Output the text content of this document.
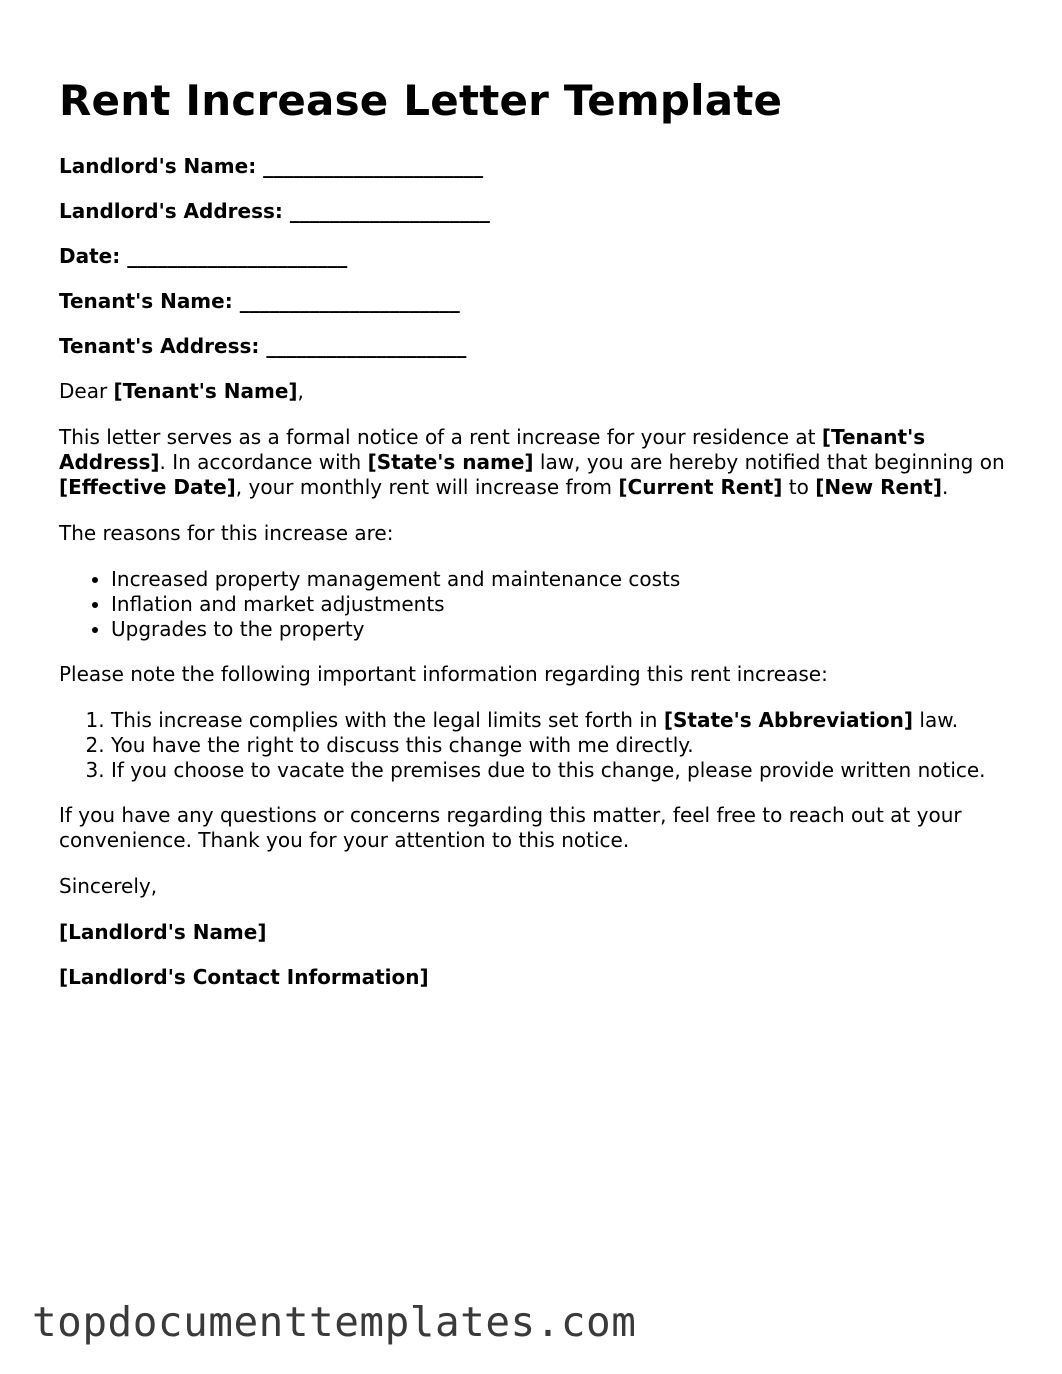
Rent Increase Letter Template
Landlord's Name: ______________________
Landlord's Address: ____________________
Date: ______________________
Tenant's Name: ______________________
Tenant's Address: ____________________

Dear [Tenant's Name],

This letter serves as a formal notice of a rent increase for your residence at [Tenant's Address]. In accordance with [State's name] law, you are hereby notified that beginning on [Effective Date], your monthly rent will increase from [Current Rent] to [New Rent].

The reasons for this increase are:

• Increased property management and maintenance costs
• Inflation and market adjustments
• Upgrades to the property

Please note the following important information regarding this rent increase:

1. This increase complies with the legal limits set forth in [State's Abbreviation] law.
2. You have the right to discuss this change with me directly.
3. If you choose to vacate the premises due to this change, please provide written notice.

If you have any questions or concerns regarding this matter, feel free to reach out at your convenience. Thank you for your attention to this notice.

Sincerely,

[Landlord's Name]
[Landlord's Contact Information]
topdocumenttemplates.com
